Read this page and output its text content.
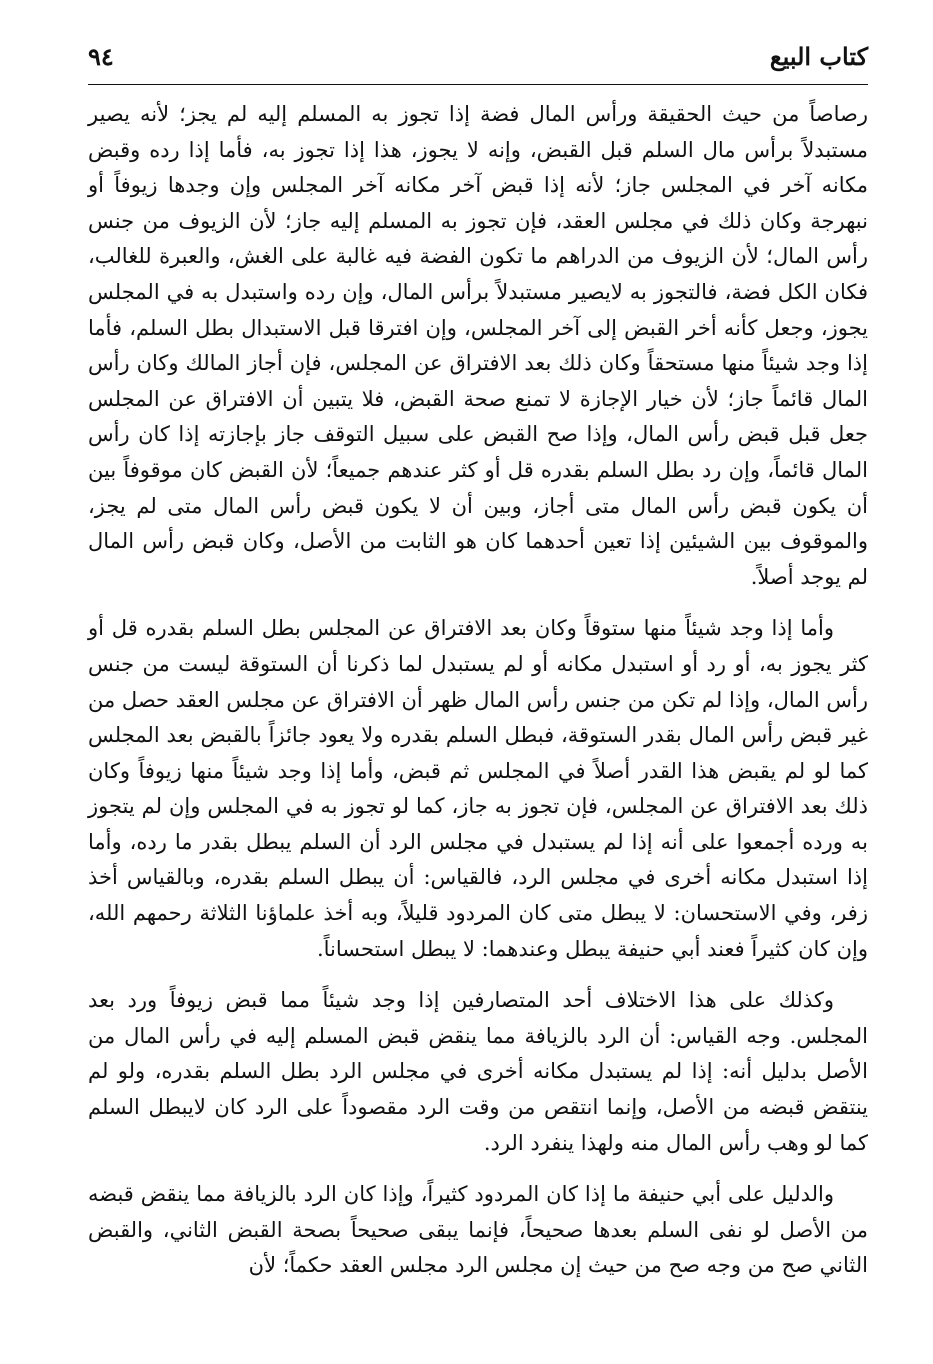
كتاب البيع
٩٤

رصاصاً من حيث الحقيقة ورأس المال فضة إذا تجوز به المسلم إليه لم يجز؛ لأنه يصير مستبدلاً برأس مال السلم قبل القبض، وإنه لا يجوز، هذا إذا تجوز به، فأما إذا رده وقبض مكانه آخر في المجلس جاز؛ لأنه إذا قبض آخر مكانه آخر المجلس وإن وجدها زيوفاً أو نبهرجة وكان ذلك في مجلس العقد، فإن تجوز به المسلم إليه جاز؛ لأن الزيوف من جنس رأس المال؛ لأن الزيوف من الدراهم ما تكون الفضة فيه غالبة على الغش، والعبرة للغالب، فكان الكل فضة، فالتجوز به لايصير مستبدلاً برأس المال، وإن رده واستبدل به في المجلس يجوز، وجعل كأنه أخر القبض إلى آخر المجلس، وإن افترقا قبل الاستبدال بطل السلم، فأما إذا وجد شيئاً منها مستحقاً وكان ذلك بعد الافتراق عن المجلس، فإن أجاز المالك وكان رأس المال قائماً جاز؛ لأن خيار الإجازة لا تمنع صحة القبض، فلا يتبين أن الافتراق عن المجلس جعل قبل قبض رأس المال، وإذا صح القبض على سبيل التوقف جاز بإجازته إذا كان رأس المال قائماً، وإن رد بطل السلم بقدره قل أو كثر عندهم جميعاً؛ لأن القبض كان موقوفاً بين أن يكون قبض رأس المال متى أجاز، وبين أن لا يكون قبض رأس المال متى لم يجز، والموقوف بين الشيئين إذا تعين أحدهما كان هو الثابت من الأصل، وكان قبض رأس المال لم يوجد أصلاً.

وأما إذا وجد شيئاً منها ستوقاً وكان بعد الافتراق عن المجلس بطل السلم بقدره قل أو كثر يجوز به، أو رد أو استبدل مكانه أو لم يستبدل لما ذكرنا أن الستوقة ليست من جنس رأس المال، وإذا لم تكن من جنس رأس المال ظهر أن الافتراق عن مجلس العقد حصل من غير قبض رأس المال بقدر الستوقة، فبطل السلم بقدره ولا يعود جائزاً بالقبض بعد المجلس كما لو لم يقبض هذا القدر أصلاً في المجلس ثم قبض، وأما إذا وجد شيئاً منها زيوفاً وكان ذلك بعد الافتراق عن المجلس، فإن تجوز به جاز، كما لو تجوز به في المجلس وإن لم يتجوز به ورده أجمعوا على أنه إذا لم يستبدل في مجلس الرد أن السلم يبطل بقدر ما رده، وأما إذا استبدل مكانه أخرى في مجلس الرد، فالقياس: أن يبطل السلم بقدره، وبالقياس أخذ زفر، وفي الاستحسان: لا يبطل متى كان المردود قليلاً، وبه أخذ علماؤنا الثلاثة رحمهم الله، وإن كان كثيراً فعند أبي حنيفة يبطل وعندهما: لا يبطل استحساناً.

وكذلك على هذا الاختلاف أحد المتصارفين إذا وجد شيئاً مما قبض زيوفاً ورد بعد المجلس. وجه القياس: أن الرد بالزيافة مما ينقض قبض المسلم إليه في رأس المال من الأصل بدليل أنه: إذا لم يستبدل مكانه أخرى في مجلس الرد بطل السلم بقدره، ولو لم ينتقض قبضه من الأصل، وإنما انتقص من وقت الرد مقصوداً على الرد كان لايبطل السلم كما لو وهب رأس المال منه ولهذا ينفرد الرد.

والدليل على أبي حنيفة ما إذا كان المردود كثيراً، وإذا كان الرد بالزيافة مما ينقض قبضه من الأصل لو نفى السلم بعدها صحيحاً، فإنما يبقى صحيحاً بصحة القبض الثاني، والقبض الثاني صح من وجه صح من حيث إن مجلس الرد مجلس العقد حكماً؛ لأن
